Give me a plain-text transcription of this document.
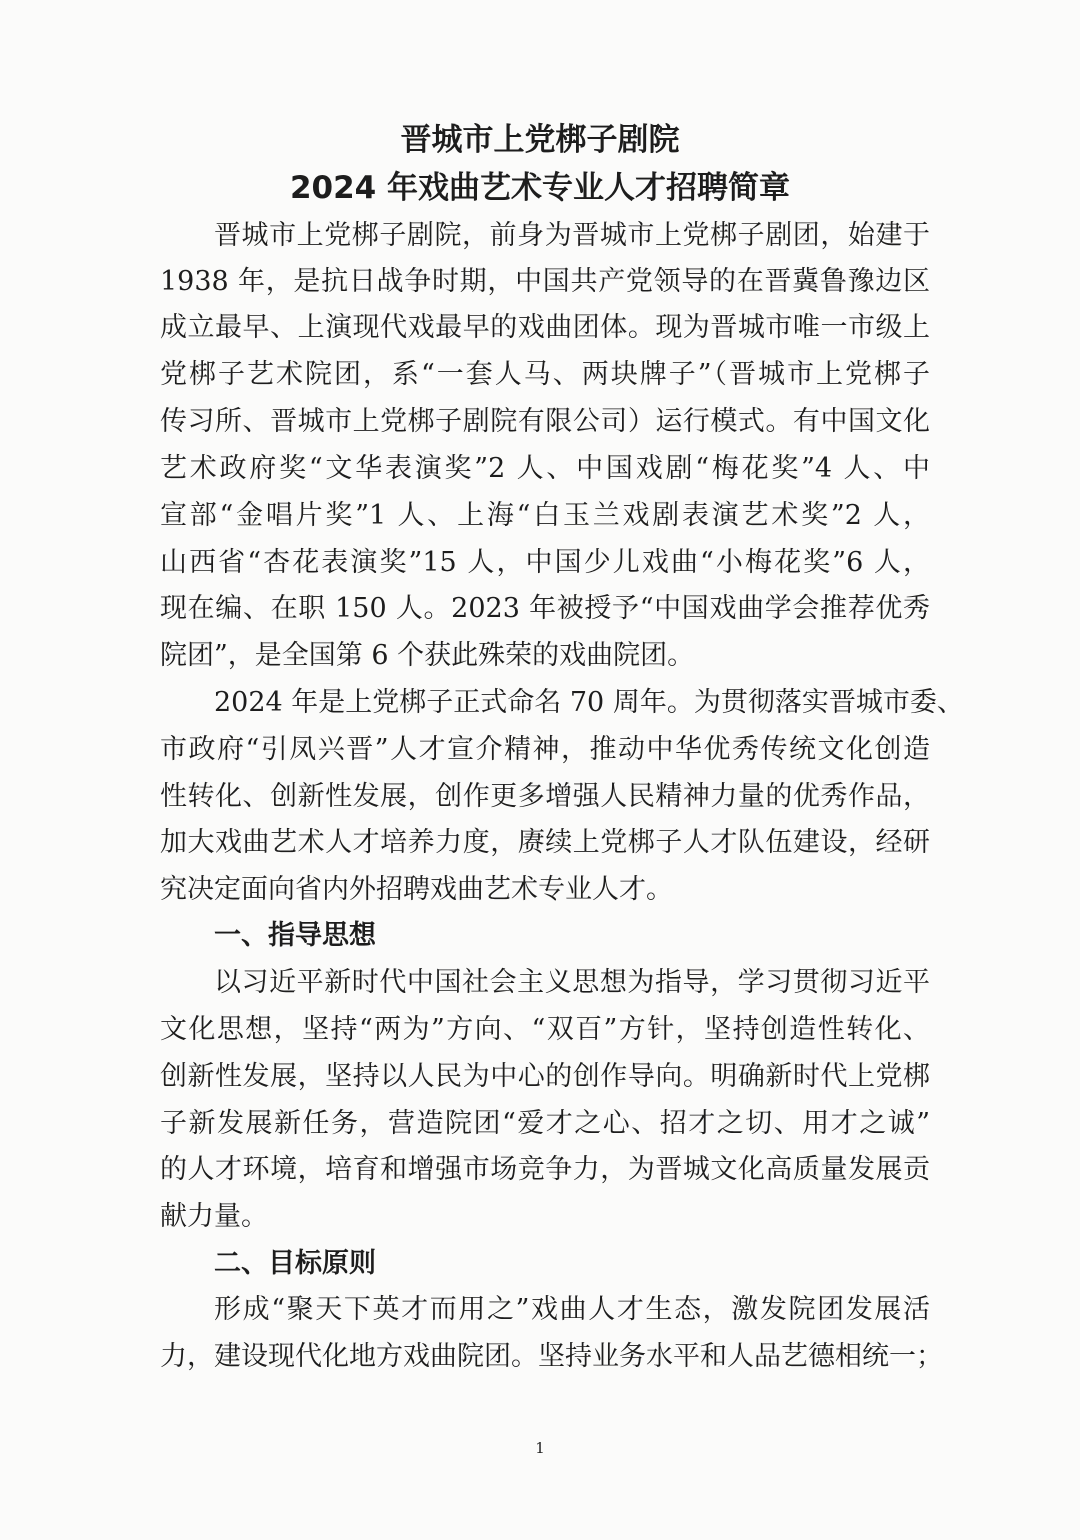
晋城市上党梆子剧院
2024 年戏曲艺术专业人才招聘简章
晋城市上党梆子剧院，前身为晋城市上党梆子剧团，始建于
1938 年，是抗日战争时期，中国共产党领导的在晋冀鲁豫边区
成立最早、上演现代戏最早的戏曲团体。现为晋城市唯一市级上
党梆子艺术院团，系“一套人马、两块牌子”（晋城市上党梆子
传习所、晋城市上党梆子剧院有限公司）运行模式。有中国文化
艺术政府奖“文华表演奖”2 人、中国戏剧“梅花奖”4 人、中
宣部“金唱片奖”1 人、上海“白玉兰戏剧表演艺术奖”2 人，
山西省“杏花表演奖”15 人，中国少儿戏曲“小梅花奖”6 人，
现在编、在职 150 人。2023 年被授予“中国戏曲学会推荐优秀
院团”，是全国第 6 个获此殊荣的戏曲院团。
2024 年是上党梆子正式命名 70 周年。为贯彻落实晋城市委、
市政府“引凤兴晋”人才宣介精神，推动中华优秀传统文化创造
性转化、创新性发展，创作更多增强人民精神力量的优秀作品，
加大戏曲艺术人才培养力度，赓续上党梆子人才队伍建设，经研
究决定面向省内外招聘戏曲艺术专业人才。
一、指导思想
以习近平新时代中国社会主义思想为指导，学习贯彻习近平
文化思想，坚持“两为”方向、“双百”方针，坚持创造性转化、
创新性发展，坚持以人民为中心的创作导向。明确新时代上党梆
子新发展新任务，营造院团“爱才之心、招才之切、用才之诚”
的人才环境，培育和增强市场竞争力，为晋城文化高质量发展贡
献力量。
二、目标原则
形成“聚天下英才而用之”戏曲人才生态，激发院团发展活
力，建设现代化地方戏曲院团。坚持业务水平和人品艺德相统一；
1
